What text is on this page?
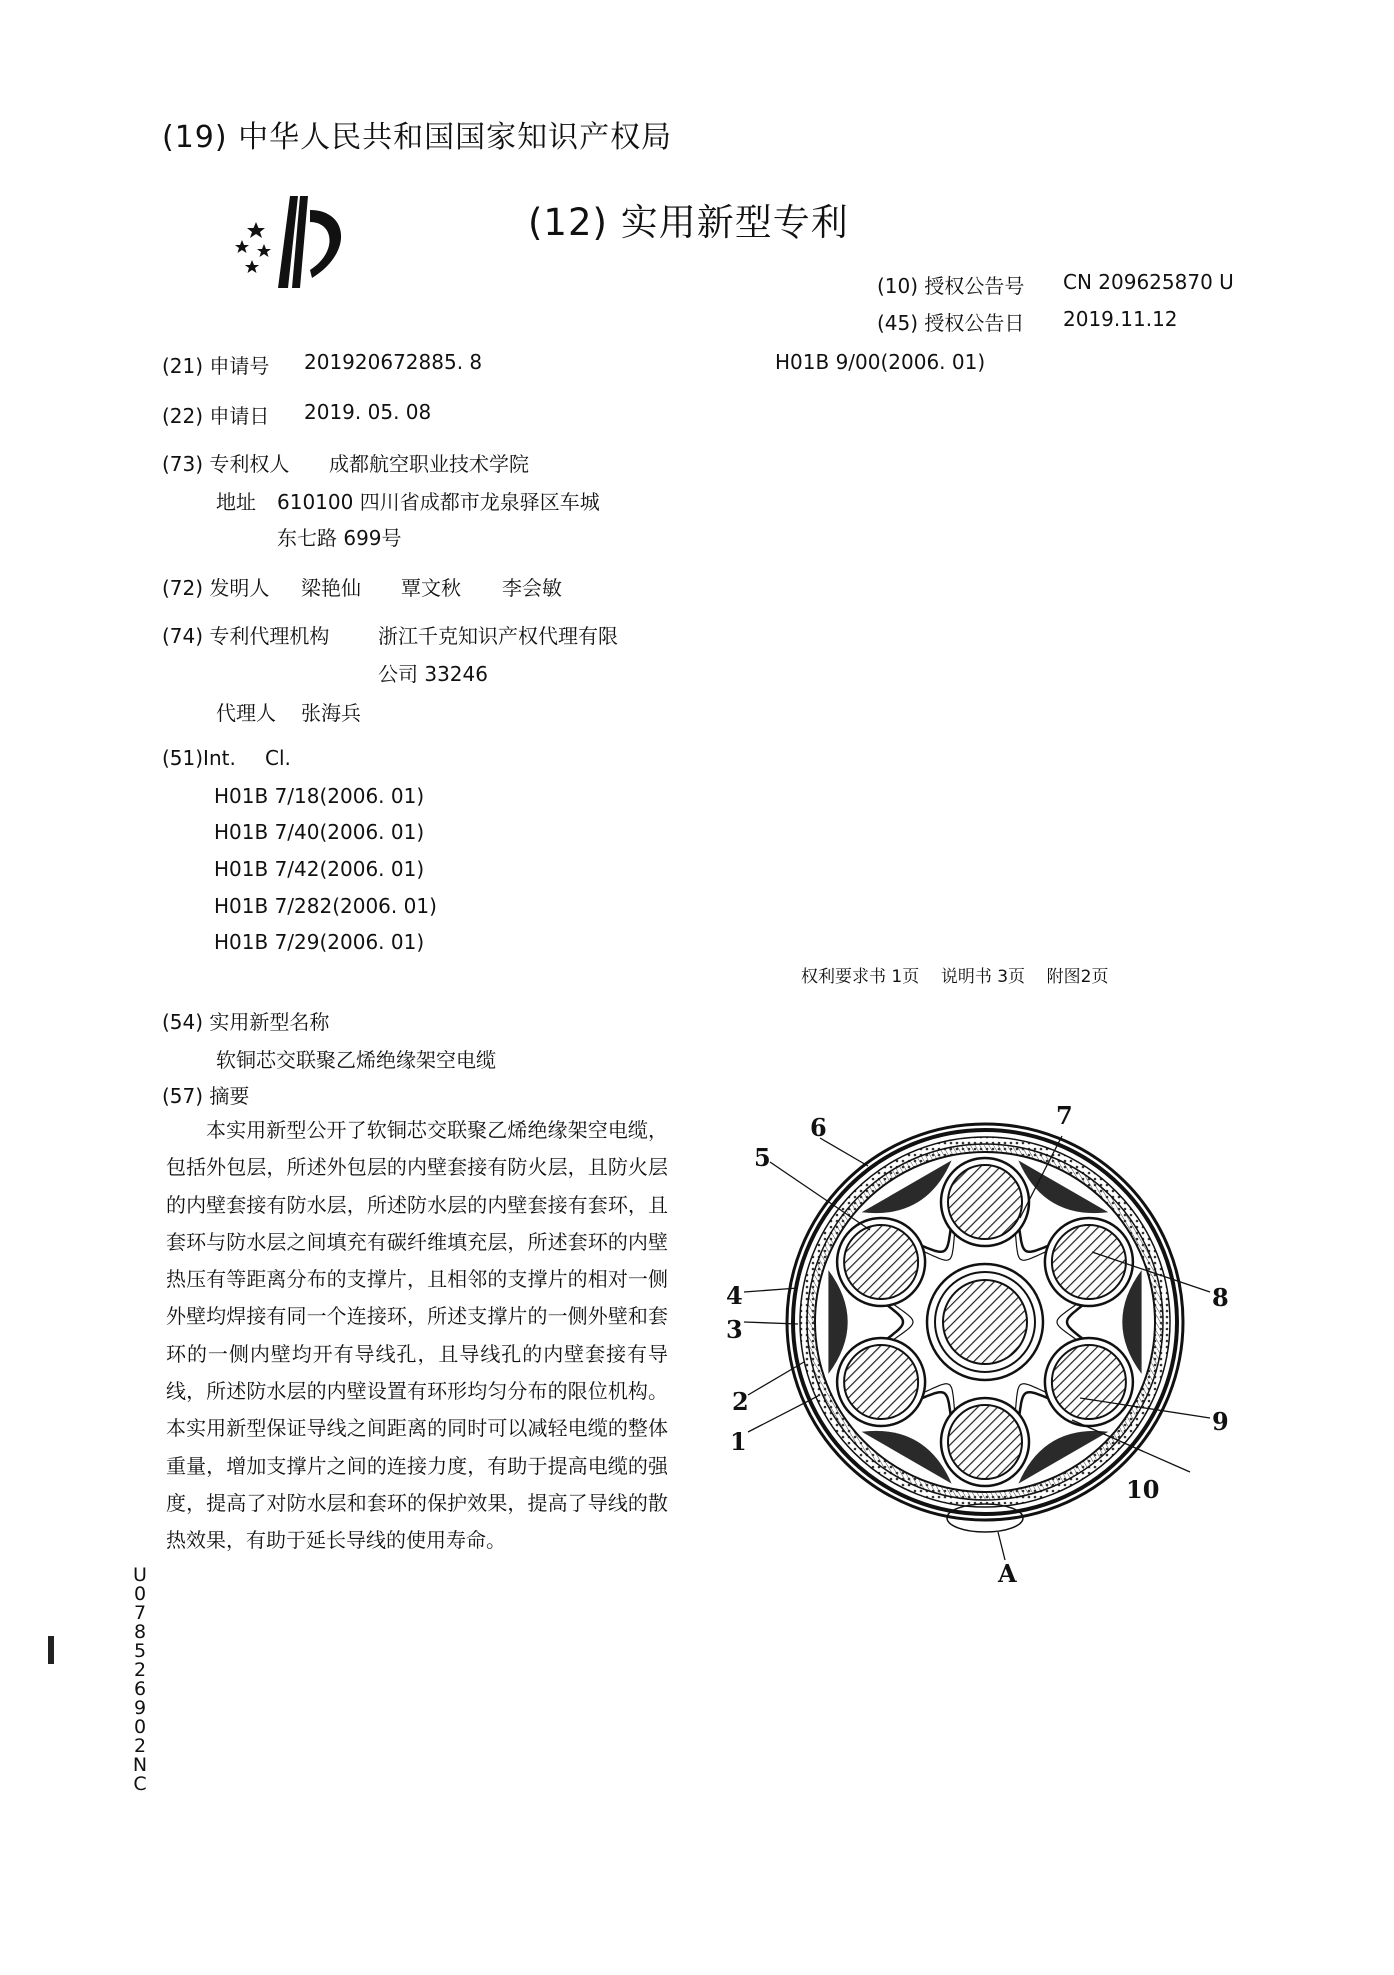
(19) 中华人民共和国国家知识产权局
(12) 实用新型专利
(10) 授权公告号 CN 209625870 U
(45) 授权公告日 2019.11.12
(21) 申请号 201920672885. 8	H01B 9/00(2006. 01)
(22) 申请日 2019. 05. 08
(73) 专利权人 成都航空职业技术学院
地址 610100 四川省成都市龙泉驿区车城
东七路 699号
(72) 发明人 梁艳仙 覃文秋 李会敏
(74) 专利代理机构 浙江千克知识产权代理有限
公司 33246
代理人 张海兵
(51)Int. Cl.
H01B 7/18(2006. 01)
H01B 7/40(2006. 01)
H01B 7/42(2006. 01)
H01B 7/282(2006. 01)
H01B 7/29(2006. 01)
权利要求书 1页    说明书 3页    附图2页
(54) 实用新型名称
软铜芯交联聚乙烯绝缘架空电缆
(57) 摘要

本实用新型公开了软铜芯交联聚乙烯绝缘架空电缆，包括外包层，所述外包层的内壁套接有防火层，且防火层的内壁套接有防水层，所述防水层的内壁套接有套环，且套环与防水层之间填充有碳纤维填充层，所述套环的内壁热压有等距离分布的支撑片，且相邻的支撑片的相对一侧外壁均焊接有同一个连接环，所述支撑片的一侧外壁和套环的一侧内壁均开有导线孔，且导线孔的内壁套接有导线，所述防水层的内壁设置有环形均匀分布的限位机构。本实用新型保证导线之间距离的同时可以减轻电缆的整体重量，增加支撑片之间的连接力度，有助于提高电缆的强度，提高了对防水层和套环的保护效果，提高了导线的散热效果，有助于延长导线的使用寿命。

U 0 7 8 5 2 6 9 0 2 N C
1
2
3
4
5
6	7
8
9
10
A
